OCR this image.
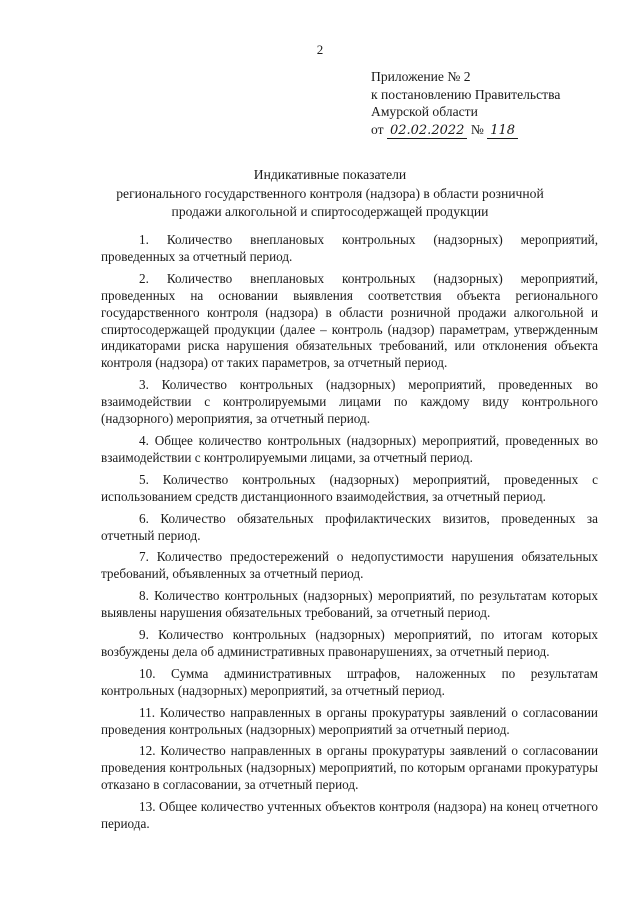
2
Приложение № 2
к постановлению Правительства
Амурской области
от 02.02.2022 № 118
Индикативные показатели
регионального государственного контроля (надзора) в области розничной
продажи алкогольной и спиртосодержащей продукции

1. Количество внеплановых контрольных (надзорных) мероприятий, проведенных за отчетный период.

2. Количество внеплановых контрольных (надзорных) мероприятий, проведенных на основании выявления соответствия объекта регионального государственного контроля (надзора) в области розничной продажи алкогольной и спиртосодержащей продукции (далее – контроль (надзор) параметрам, утвержденным индикаторами риска нарушения обязательных требований, или отклонения объекта контроля (надзора) от таких параметров, за отчетный период.

3. Количество контрольных (надзорных) мероприятий, проведенных во взаимодействии с контролируемыми лицами по каждому виду контрольного (надзорного) мероприятия, за отчетный период.

4. Общее количество контрольных (надзорных) мероприятий, проведенных во взаимодействии с контролируемыми лицами, за отчетный период.

5. Количество контрольных (надзорных) мероприятий, проведенных с использованием средств дистанционного взаимодействия, за отчетный период.

6. Количество обязательных профилактических визитов, проведенных за отчетный период.

7. Количество предостережений о недопустимости нарушения обязательных требований, объявленных за отчетный период.

8. Количество контрольных (надзорных) мероприятий, по результатам которых выявлены нарушения обязательных требований, за отчетный период.

9. Количество контрольных (надзорных) мероприятий, по итогам которых возбуждены дела об административных правонарушениях, за отчетный период.

10. Сумма административных штрафов, наложенных по результатам контрольных (надзорных) мероприятий, за отчетный период.

11. Количество направленных в органы прокуратуры заявлений о согласовании проведения контрольных (надзорных) мероприятий за отчетный период.

12. Количество направленных в органы прокуратуры заявлений о согласовании проведения контрольных (надзорных) мероприятий, по которым органами прокуратуры отказано в согласовании, за отчетный период.

13. Общее количество учтенных объектов контроля (надзора) на конец отчетного периода.
